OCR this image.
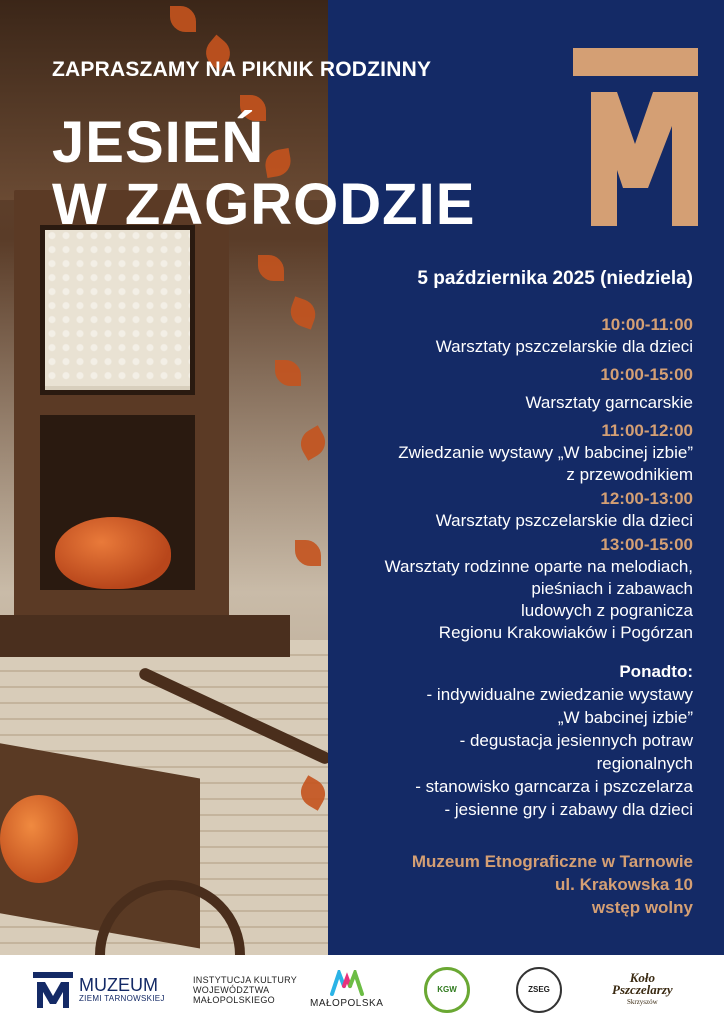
ZAPRASZAMY NA PIKNIK RODZINNY
JESIEŃ
W ZAGRODZIE
5 października 2025 (niedziela)
10:00-11:00
Warsztaty pszczelarskie dla dzieci
10:00-15:00
Warsztaty garncarskie
11:00-12:00
Zwiedzanie wystawy „W babcinej izbie”
z przewodnikiem
12:00-13:00
Warsztaty pszczelarskie dla dzieci
13:00-15:00
Warsztaty rodzinne oparte na melodiach,
pieśniach i zabawach
ludowych z pogranicza
Regionu Krakowiaków i Pogórzan
Ponadto:
- indywidualne zwiedzanie wystawy
„W babcinej izbie”
- degustacja jesiennych potraw
regionalnych
- stanowisko garncarza i pszczelarza
- jesienne gry i zabawy dla dzieci
Muzeum Etnograficzne w Tarnowie
ul. Krakowska 10
wstęp wolny
MUZEUM
ZIEMI TARNOWSKIEJ
INSTYTUCJA KULTURY
WOJEWÓDZTWA
MAŁOPOLSKIEGO	MAŁOPOLSKA
KGW	ZSEG
Koło
Pszczelarzy
Skrzyszów
